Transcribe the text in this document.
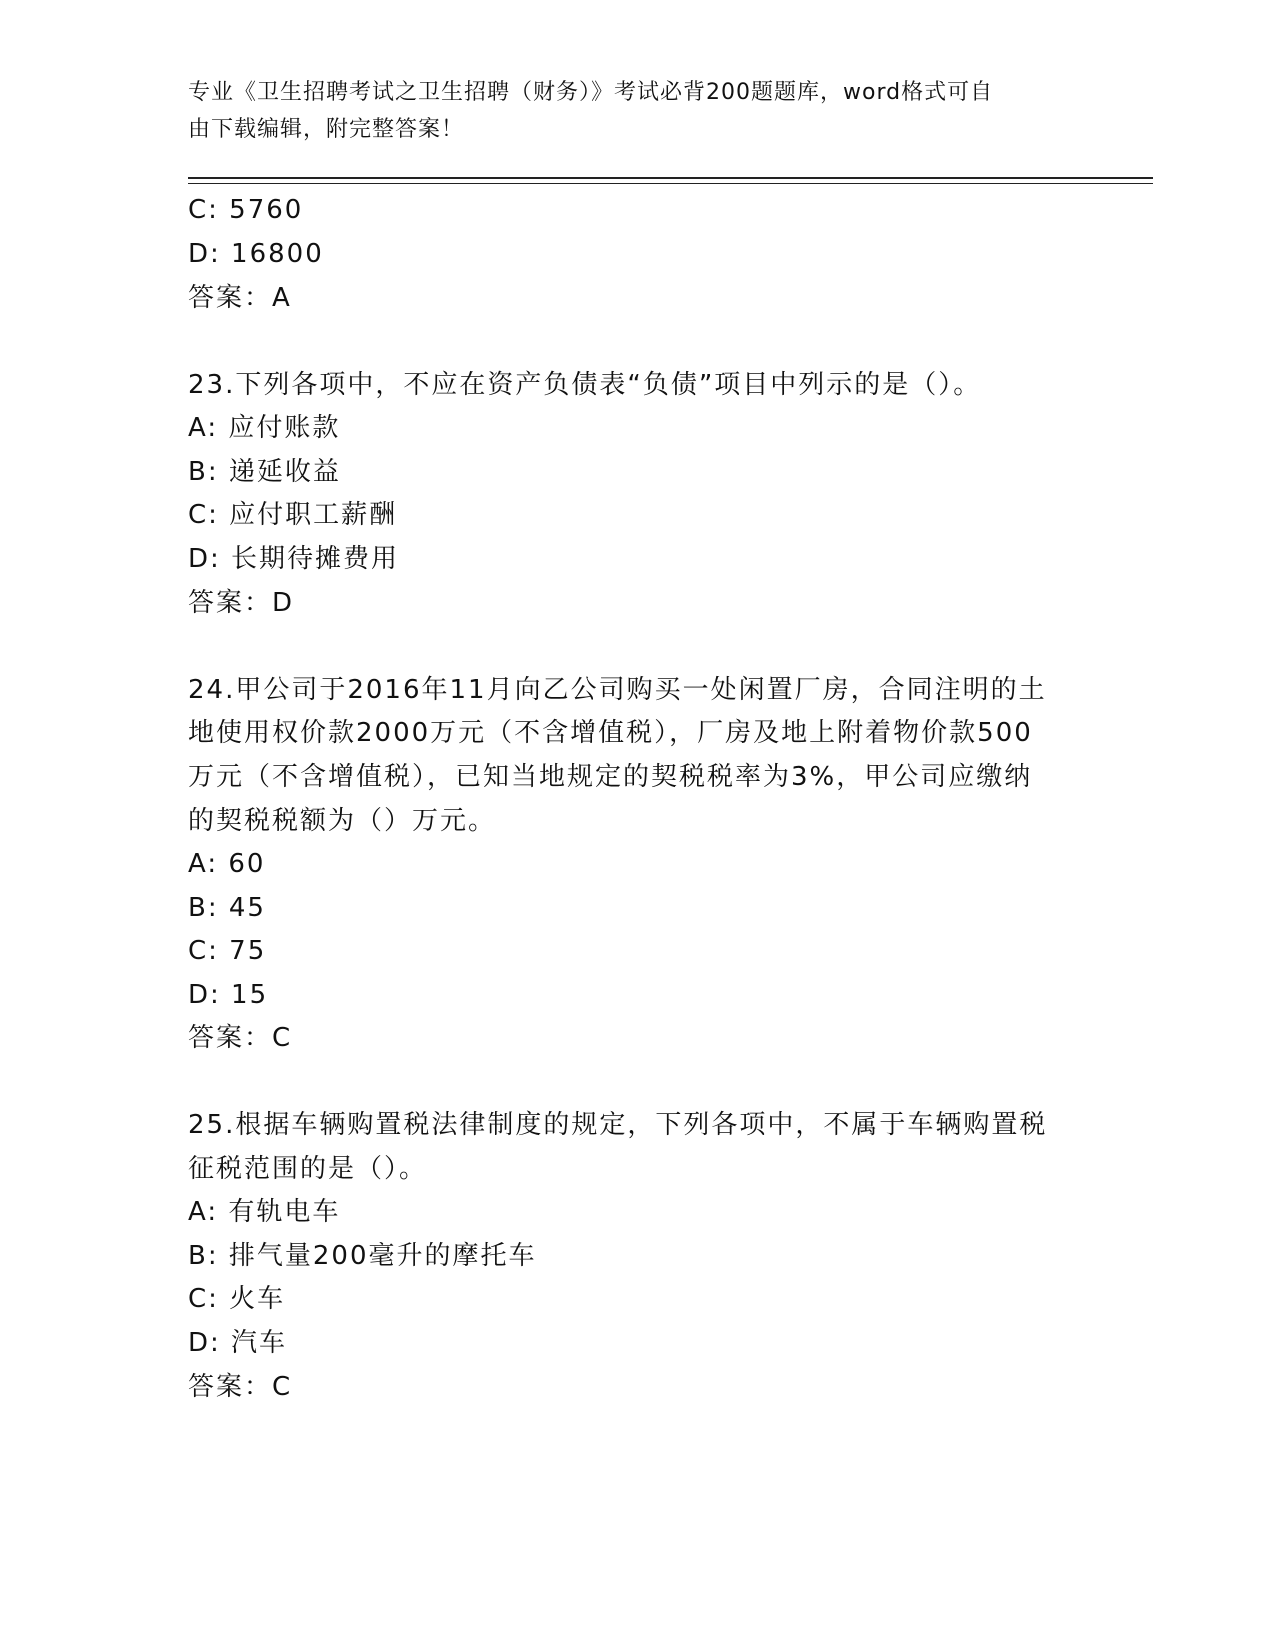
专业《卫生招聘考试之卫生招聘（财务）》考试必背200题题库，word格式可自
由下载编辑，附完整答案！
C: 5760
D: 16800
答案：A
23.下列各项中，不应在资产负债表“负债”项目中列示的是（）。
A: 应付账款
B: 递延收益
C: 应付职工薪酬
D: 长期待摊费用
答案：D
24.甲公司于2016年11月向乙公司购买一处闲置厂房，合同注明的土
地使用权价款2000万元（不含增值税），厂房及地上附着物价款500
万元（不含增值税），已知当地规定的契税税率为3%，甲公司应缴纳
的契税税额为（）万元。
A: 60
B: 45
C: 75
D: 15
答案：C
25.根据车辆购置税法律制度的规定，下列各项中，不属于车辆购置税
征税范围的是（）。
A: 有轨电车
B: 排气量200毫升的摩托车
C: 火车
D: 汽车
答案：C
